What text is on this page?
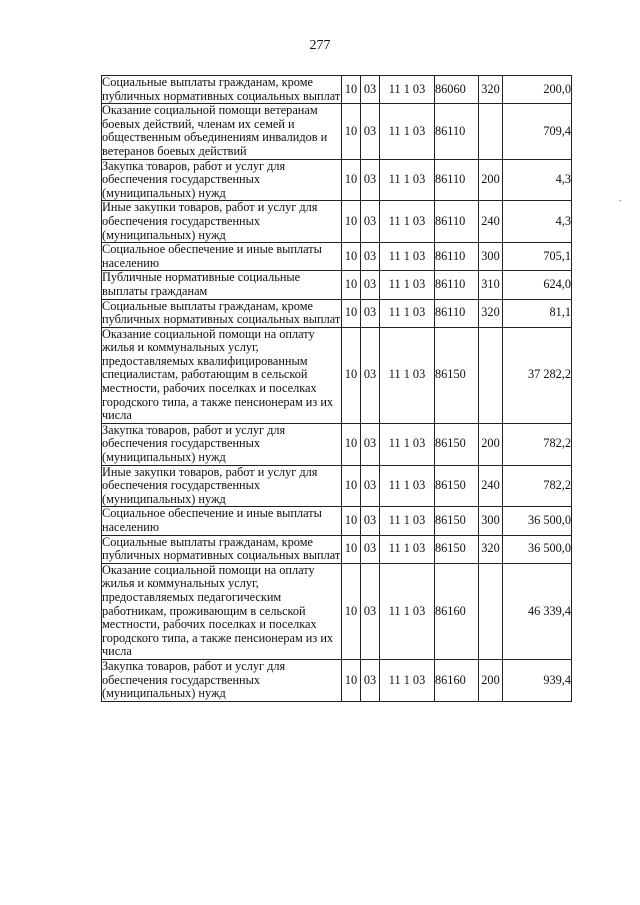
277
Социальные выплаты гражданам, кроме публичных нормативных социальных выплат	10	03	11 1 03	86060	320	200,0
Оказание социальной помощи ветеранам боевых действий, членам их семей и общественным объединениям инвалидов и ветеранов боевых действий	10	03	11 1 03	86110		709,4
Закупка товаров, работ и услуг для обеспечения государственных (муниципальных) нужд	10	03	11 1 03	86110	200	4,3
Иные закупки товаров, работ и услуг для обеспечения государственных (муниципальных) нужд	10	03	11 1 03	86110	240	4,3
Социальное обеспечение и иные выплаты населению	10	03	11 1 03	86110	300	705,1
Публичные нормативные социальные выплаты гражданам	10	03	11 1 03	86110	310	624,0
Социальные выплаты гражданам, кроме публичных нормативных социальных выплат	10	03	11 1 03	86110	320	81,1
Оказание социальной помощи на оплату жилья и коммунальных услуг, предоставляемых квалифицированным специалистам, работающим в сельской местности, рабочих поселках и поселках городского типа, а также пенсионерам из их числа	10	03	11 1 03	86150		37 282,2
Закупка товаров, работ и услуг для обеспечения государственных (муниципальных) нужд	10	03	11 1 03	86150	200	782,2
Иные закупки товаров, работ и услуг для обеспечения государственных (муниципальных) нужд	10	03	11 1 03	86150	240	782,2
Социальное обеспечение и иные выплаты населению	10	03	11 1 03	86150	300	36 500,0
Социальные выплаты гражданам, кроме публичных нормативных социальных выплат	10	03	11 1 03	86150	320	36 500,0
Оказание социальной помощи на оплату жилья и коммунальных услуг, предоставляемых педагогическим работникам, проживающим в сельской местности, рабочих поселках и поселках городского типа, а также пенсионерам из их числа	10	03	11 1 03	86160		46 339,4
Закупка товаров, работ и услуг для обеспечения государственных (муниципальных) нужд	10	03	11 1 03	86160	200	939,4
-
